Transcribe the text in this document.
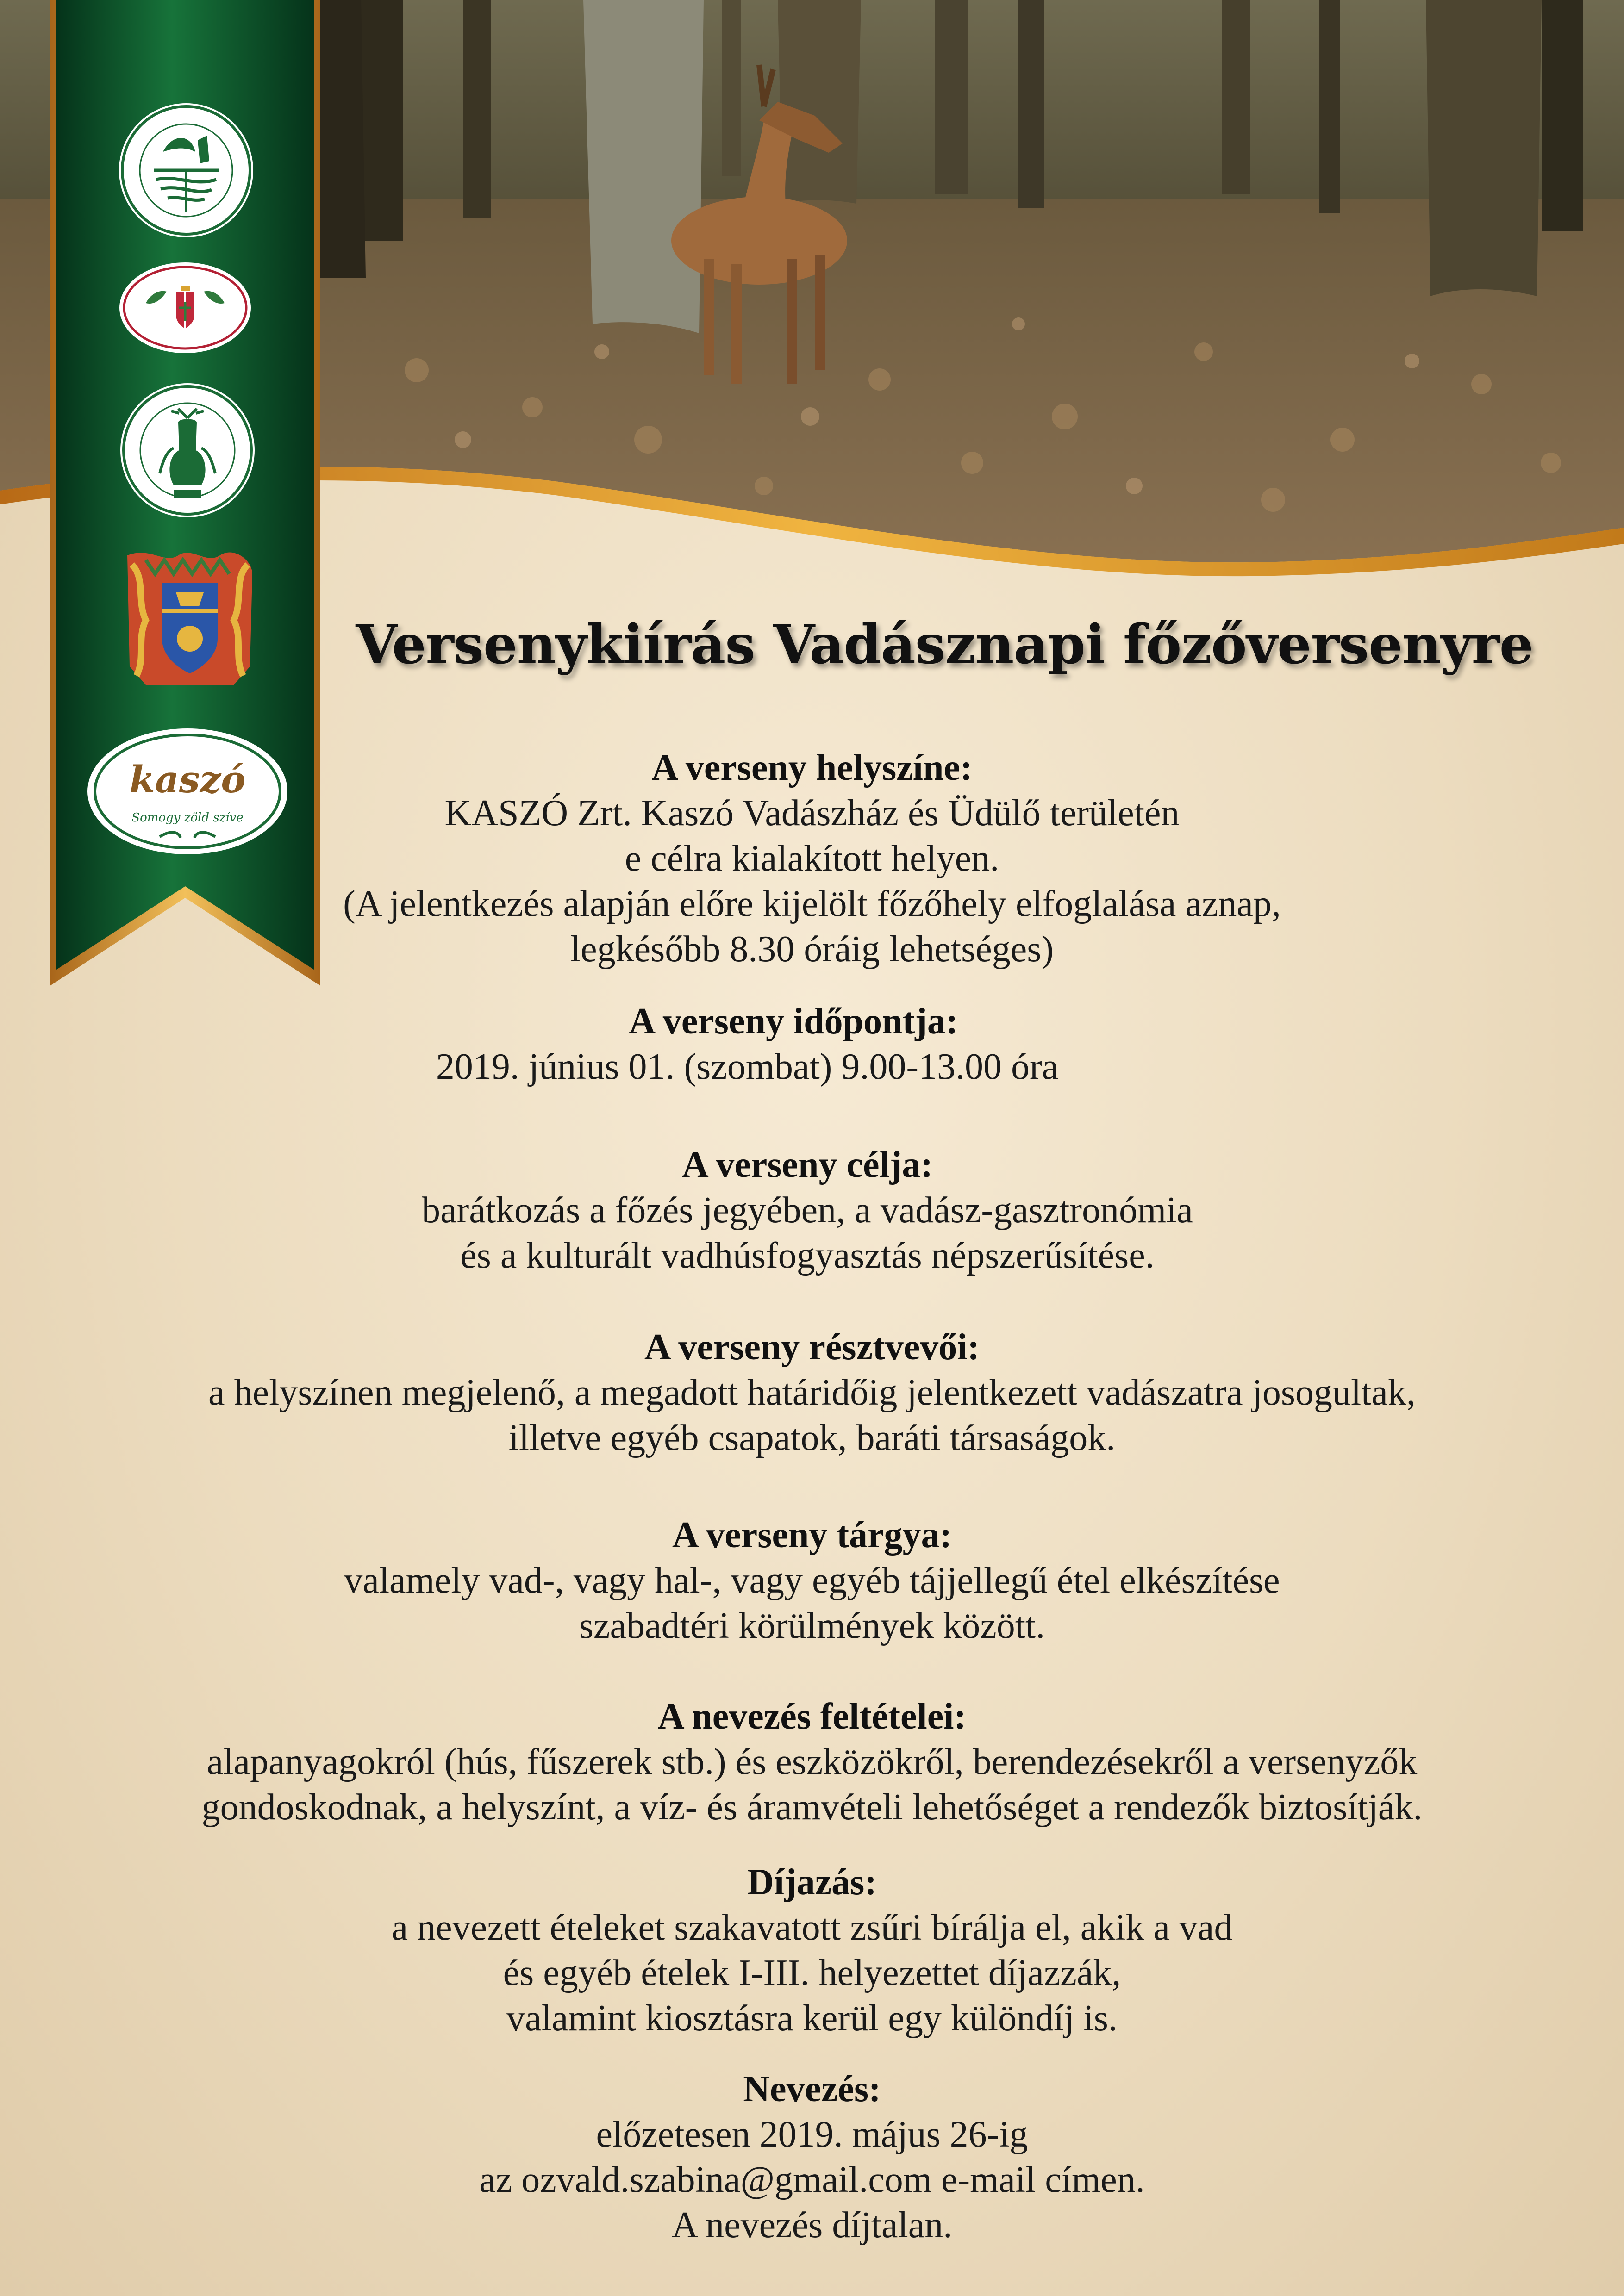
kaszó
Somogy zöld szíve
Versenykiírás Vadásznapi főzőversenyre
A verseny helyszíne:

KASZÓ Zrt. Kaszó Vadászház és Üdülő területén
e célra kialakított helyen.
(A jelentkezés alapján előre kijelölt főzőhely elfoglalása aznap,
legkésőbb 8.30 óráig lehetséges)

A verseny időpontja:

2019. június 01. (szombat) 9.00-13.00 óra

A verseny célja:

barátkozás a főzés jegyében, a vadász-gasztronómia
és a kulturált vadhúsfogyasztás népszerűsítése.

A verseny résztvevői:

a helyszínen megjelenő, a megadott határidőig jelentkezett vadászatra josogultak,
illetve egyéb csapatok, baráti társaságok.

A verseny tárgya:

valamely vad-, vagy hal-, vagy egyéb tájjellegű étel elkészítése
szabadtéri körülmények között.

A nevezés feltételei:

alapanyagokról (hús, fűszerek stb.) és eszközökről, berendezésekről a versenyzők
gondoskodnak, a helyszínt, a víz- és áramvételi lehetőséget a rendezők biztosítják.

Díjazás:

a nevezett ételeket szakavatott zsűri bírálja el, akik a vad
és egyéb ételek I-III. helyezettet díjazzák,
valamint kiosztásra kerül egy különdíj is.

Nevezés:

előzetesen 2019. május 26-ig
az ozvald.szabina@gmail.com e-mail címen.
A nevezés díjtalan.
